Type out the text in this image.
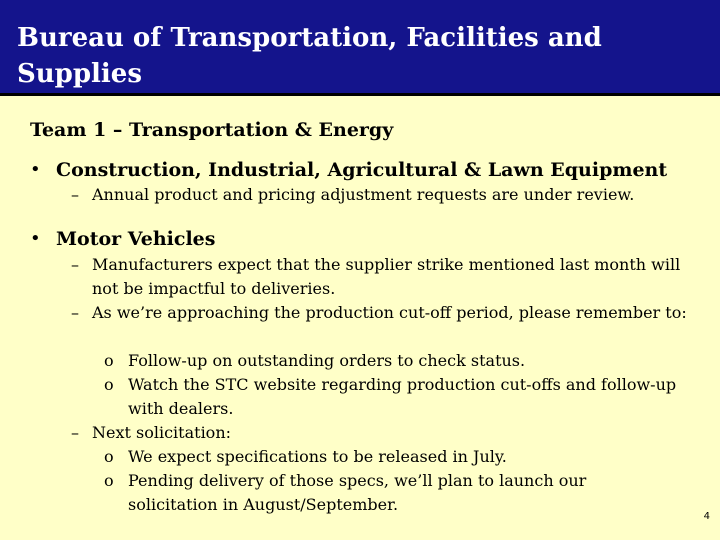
Bureau of Transportation, Facilities and Supplies
Team 1 – Transportation & Energy
• Construction, Industrial, Agricultural & Lawn Equipment
– Annual product and pricing adjustment requests are under review.
• Motor Vehicles
– Manufacturers expect that the supplier strike mentioned last month will not be impactful to deliveries.
– As we’re approaching the production cut-off period, please remember to:
o Follow-up on outstanding orders to check status.
o Watch the STC website regarding production cut-offs and follow-up with dealers.
– Next solicitation:
o We expect specifications to be released in July.
o Pending delivery of those specs, we’ll plan to launch our solicitation in August/September.
4
